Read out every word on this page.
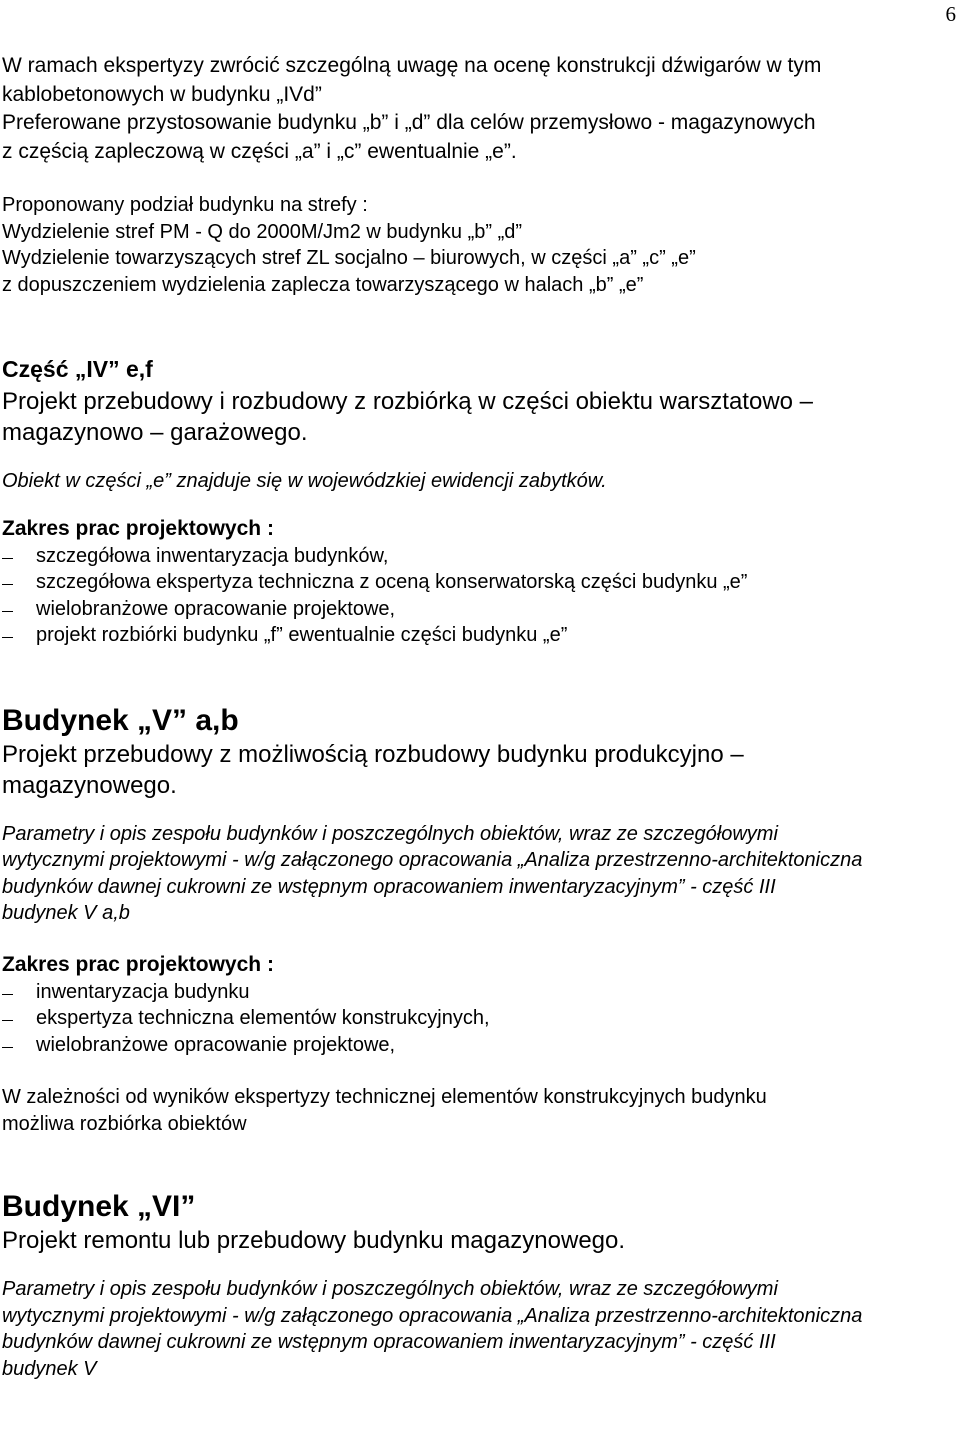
6
W ramach ekspertyzy zwrócić szczególną uwagę na ocenę konstrukcji dźwigarów w tym
kablobetonowych w budynku „IVd”
Preferowane przystosowanie budynku „b” i „d” dla celów przemysłowo - magazynowych
z częścią zapleczową w części „a” i „c” ewentualnie „e”.
Proponowany podział budynku na strefy :
Wydzielenie stref PM - Q do 2000M/Jm2 w budynku „b” „d”
Wydzielenie towarzyszących stref ZL socjalno – biurowych, w części „a” „c” „e”
z dopuszczeniem wydzielenia zaplecza towarzyszącego w halach „b” „e”
Część „IV” e,f
Projekt przebudowy i rozbudowy z rozbiórką w części obiektu warsztatowo –
magazynowo – garażowego.
Obiekt w części „e” znajduje się w wojewódzkiej ewidencji zabytków.
Zakres prac projektowych :
szczegółowa inwentaryzacja budynków,
szczegółowa ekspertyza techniczna z oceną konserwatorską części budynku „e”
wielobranżowe opracowanie projektowe,
projekt rozbiórki budynku „f” ewentualnie części budynku „e”
Budynek „V” a,b
Projekt przebudowy z możliwością rozbudowy budynku produkcyjno –
magazynowego.
Parametry i opis zespołu budynków i poszczególnych obiektów, wraz ze szczegółowymi
wytycznymi projektowymi - w/g załączonego opracowania „Analiza przestrzenno-architektoniczna
budynków dawnej cukrowni ze wstępnym opracowaniem inwentaryzacyjnym” - część III
budynek V a,b
Zakres prac projektowych :
inwentaryzacja budynku
ekspertyza techniczna elementów konstrukcyjnych,
wielobranżowe opracowanie projektowe,
W zależności od wyników ekspertyzy technicznej elementów konstrukcyjnych budynku
możliwa rozbiórka obiektów
Budynek „VI”
Projekt remontu lub przebudowy budynku magazynowego.
Parametry i opis zespołu budynków i poszczególnych obiektów, wraz ze szczegółowymi
wytycznymi projektowymi - w/g załączonego opracowania „Analiza przestrzenno-architektoniczna
budynków dawnej cukrowni ze wstępnym opracowaniem inwentaryzacyjnym” - część III
budynek V
